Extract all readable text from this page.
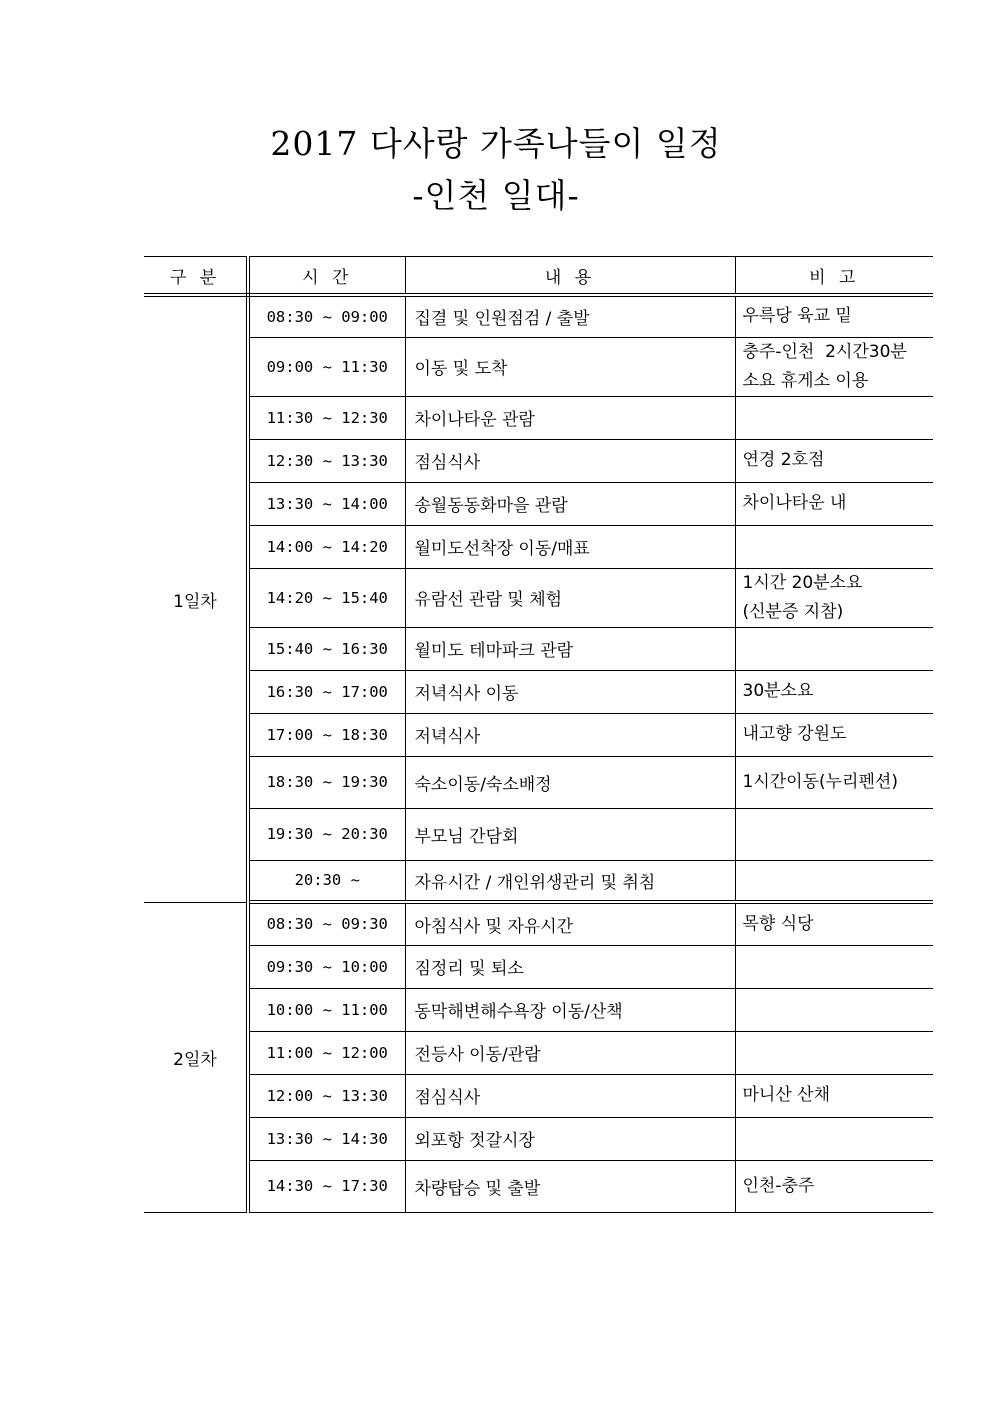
2017 다사랑 가족나들이 일정
-인천 일대-
구 분	시 간	내 용	비 고
1일차	08:30 ~ 09:00	집결 및 인원점검 / 출발	우륵당 육교 밑
	09:00 ~ 11:30	이동 및 도착	충주-인천  2시간30분
소요 휴게소 이용
	11:30 ~ 12:30	차이나타운 관람	
	12:30 ~ 13:30	점심식사	연경 2호점
	13:30 ~ 14:00	송월동동화마을 관람	차이나타운 내
	14:00 ~ 14:20	월미도선착장 이동/매표	
	14:20 ~ 15:40	유람선 관람 및 체험	1시간 20분소요
(신분증 지참)
	15:40 ~ 16:30	월미도 테마파크 관람	
	16:30 ~ 17:00	저녁식사 이동	30분소요
	17:00 ~ 18:30	저녁식사	내고향 강원도
	18:30 ~ 19:30	숙소이동/숙소배정	1시간이동(누리펜션)
	19:30 ~ 20:30	부모님 간담회	
	20:30 ~	자유시간 / 개인위생관리 및 취침	
2일차	08:30 ~ 09:30	아침식사 및 자유시간	목향 식당
	09:30 ~ 10:00	짐정리 및 퇴소	
	10:00 ~ 11:00	동막해변해수욕장 이동/산책	
	11:00 ~ 12:00	전등사 이동/관람	
	12:00 ~ 13:30	점심식사	마니산 산채
	13:30 ~ 14:30	외포항 젓갈시장	
	14:30 ~ 17:30	차량탑승 및 출발	인천-충주
